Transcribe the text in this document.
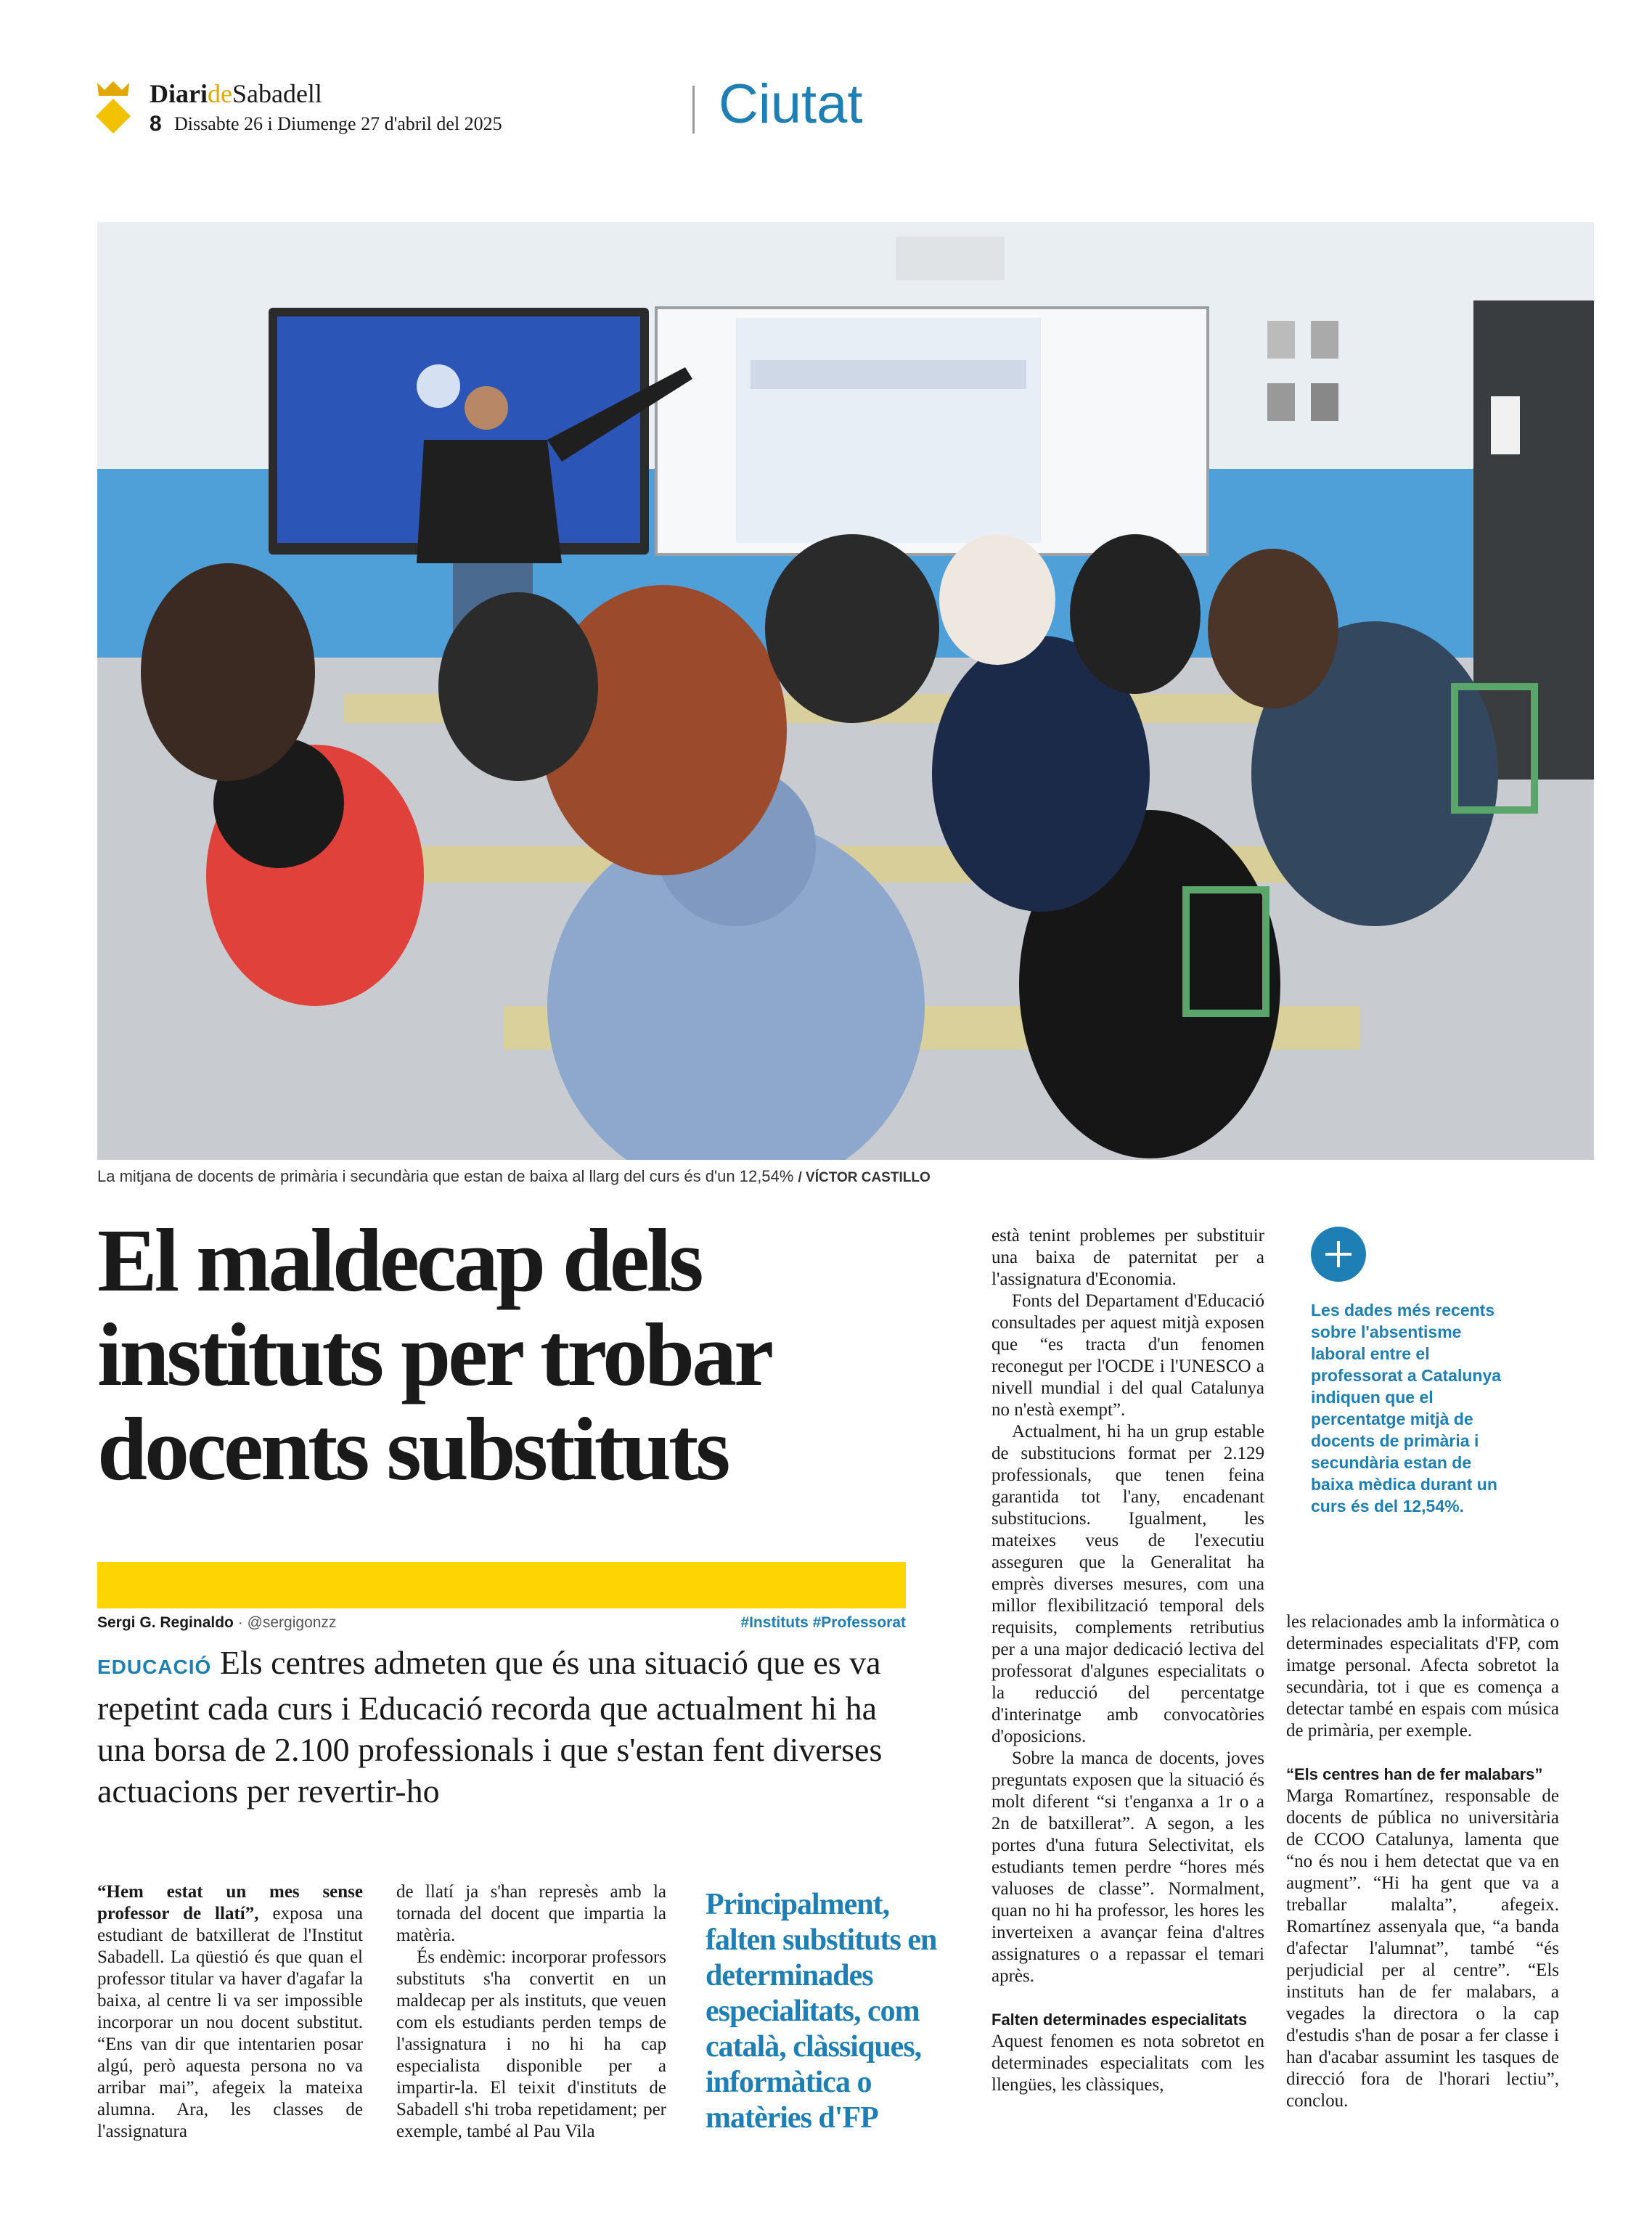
DiarideSabadell
8 Dissabte 26 i Diumenge 27 d'abril del 2025	Ciutat
La mitjana de docents de primària i secundària que estan de baixa al llarg del curs és d'un 12,54% / VÍCTOR CASTILLO
El maldecap dels
instituts per trobar
docents substituts
Sergi G. Reginaldo · @sergigonzz	#Instituts #Professorat
EDUCACIÓ Els centres admeten que és una situació que es va repetint cada curs i Educació recorda que actualment hi ha una borsa de 2.100 professionals i que s'estan fent diverses actuacions per revertir-ho

“Hem estat un mes sense professor de llatí”, exposa una estudiant de batxillerat de l'Institut Sabadell. La qüestió és que quan el professor titular va haver d'agafar la baixa, al centre li va ser impossible incorporar un nou docent substitut. “Ens van dir que intentarien posar algú, però aquesta persona no va arribar mai”, afegeix la mateixa alumna. Ara, les classes de l'assignatura

de llatí ja s'han represès amb la tornada del docent que impartia la matèria.

És endèmic: incorporar professors substituts s'ha convertit en un maldecap per als instituts, que veuen com els estudiants perden temps de l'assignatura i no hi ha cap especialista disponible per a impartir-la. El teixit d'instituts de Sabadell s'hi troba repetidament; per exemple, també al Pau Vila

Principalment, falten substituts en determinades especialitats, com català, clàssiques, informàtica o matèries d'FP

està tenint problemes per substituir una baixa de paternitat per a l'assignatura d'Economia.

Fonts del Departament d'Educació consultades per aquest mitjà exposen que “es tracta d'un fenomen reconegut per l'OCDE i l'UNESCO a nivell mundial i del qual Catalunya no n'està exempt”.

Actualment, hi ha un grup estable de substitucions format per 2.129 professionals, que tenen feina garantida tot l'any, encadenant substitucions. Igualment, les mateixes veus de l'executiu asseguren que la Generalitat ha emprès diverses mesures, com una millor flexibilització temporal dels requisits, complements retributius per a una major dedicació lectiva del professorat d'algunes especialitats o la reducció del percentatge d'interinatge amb convocatòries d'oposicions.

Sobre la manca de docents, joves preguntats exposen que la situació és molt diferent “si t'enganxa a 1r o a 2n de batxillerat”. A segon, a les portes d'una futura Selectivitat, els estudiants temen perdre “hores més valuoses de classe”. Normalment, quan no hi ha professor, les hores les inverteixen a avançar feina d'altres assignatures o a repassar el temari après.

Falten determinades especialitats

Aquest fenomen es nota sobretot en determinades especialitats com les llengües, les clàssiques,

Les dades més recents sobre l'absentisme laboral entre el professorat a Catalunya indiquen que el percentatge mitjà de docents de primària i secundària estan de baixa mèdica durant un curs és del 12,54%.

les relacionades amb la informàtica o determinades especialitats d'FP, com imatge personal. Afecta sobretot la secundària, tot i que es comença a detectar també en espais com música de primària, per exemple.

“Els centres han de fer malabars”

Marga Romartínez, responsable de docents de pública no universitària de CCOO Catalunya, lamenta que “no és nou i hem detectat que va en augment”. “Hi ha gent que va a treballar malalta”, afegeix. Romartínez assenyala que, “a banda d'afectar l'alumnat”, també “és perjudicial per al centre”. “Els instituts han de fer malabars, a vegades la directora o la cap d'estudis s'han de posar a fer classe i han d'acabar assumint les tasques de direcció fora de l'horari lectiu”, conclou.
